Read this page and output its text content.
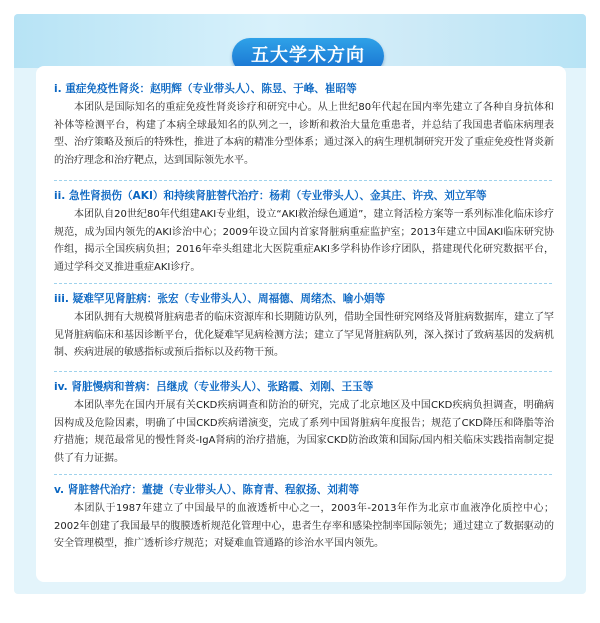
五大学术方向
i. 重症免疫性肾炎：赵明辉（专业带头人）、陈昱、于峰、崔昭等
本团队是国际知名的重症免疫性肾炎诊疗和研究中心。从上世纪80年代起在国内率先建立了各种自身抗体和补体等检测平台，构建了本病全球最知名的队列之一，诊断和救治大量危重患者，并总结了我国患者临床病理表型、治疗策略及预后的特殊性，推进了本病的精准分型体系；通过深入的病生理机制研究开发了重症免疫性肾炎新的治疗理念和治疗靶点，达到国际领先水平。
ii. 急性肾损伤（AKI）和持续肾脏替代治疗：杨莉（专业带头人）、金其庄、许戎、刘立军等
本团队自20世纪80年代组建AKI专业组，设立“AKI救治绿色通道”，建立肾活检方案等一系列标准化临床诊疗规范，成为国内领先的AKI诊治中心；2009年设立国内首家肾脏病重症监护室；2013年建立中国AKI临床研究协作组，揭示全国疾病负担；2016年牵头组建北大医院重症AKI多学科协作诊疗团队，搭建现代化研究数据平台，通过学科交叉推进重症AKI诊疗。
iii. 疑难罕见肾脏病：张宏（专业带头人）、周福德、周绪杰、喻小娟等
本团队拥有大规模肾脏病患者的临床资源库和长期随访队列，借助全国性研究网络及肾脏病数据库，建立了罕见肾脏病临床和基因诊断平台，优化疑难罕见病检测方法；建立了罕见肾脏病队列，深入探讨了致病基因的发病机制、疾病进展的敏感指标或预后指标以及药物干预。
iv. 肾脏慢病和普病：吕继成（专业带头人）、张路霞、刘刚、王玉等
本团队率先在国内开展有关CKD疾病调查和防治的研究，完成了北京地区及中国CKD疾病负担调查，明确病因构成及危险因素，明确了中国CKD疾病谱演变，完成了系列中国肾脏病年度报告；规范了CKD降压和降脂等治疗措施；规范最常见的慢性肾炎-IgA肾病的治疗措施，为国家CKD防治政策和国际/国内相关临床实践指南制定提供了有力证据。
v. 肾脏替代治疗：董捷（专业带头人）、陈育青、程叙扬、刘莉等
本团队于1987年建立了中国最早的血液透析中心之一，2003年-2013年作为北京市血液净化质控中心；2002年创建了我国最早的腹膜透析规范化管理中心，患者生存率和感染控制率国际领先；通过建立了数据驱动的安全管理模型，推广透析诊疗规范；对疑难血管通路的诊治水平国内领先。
